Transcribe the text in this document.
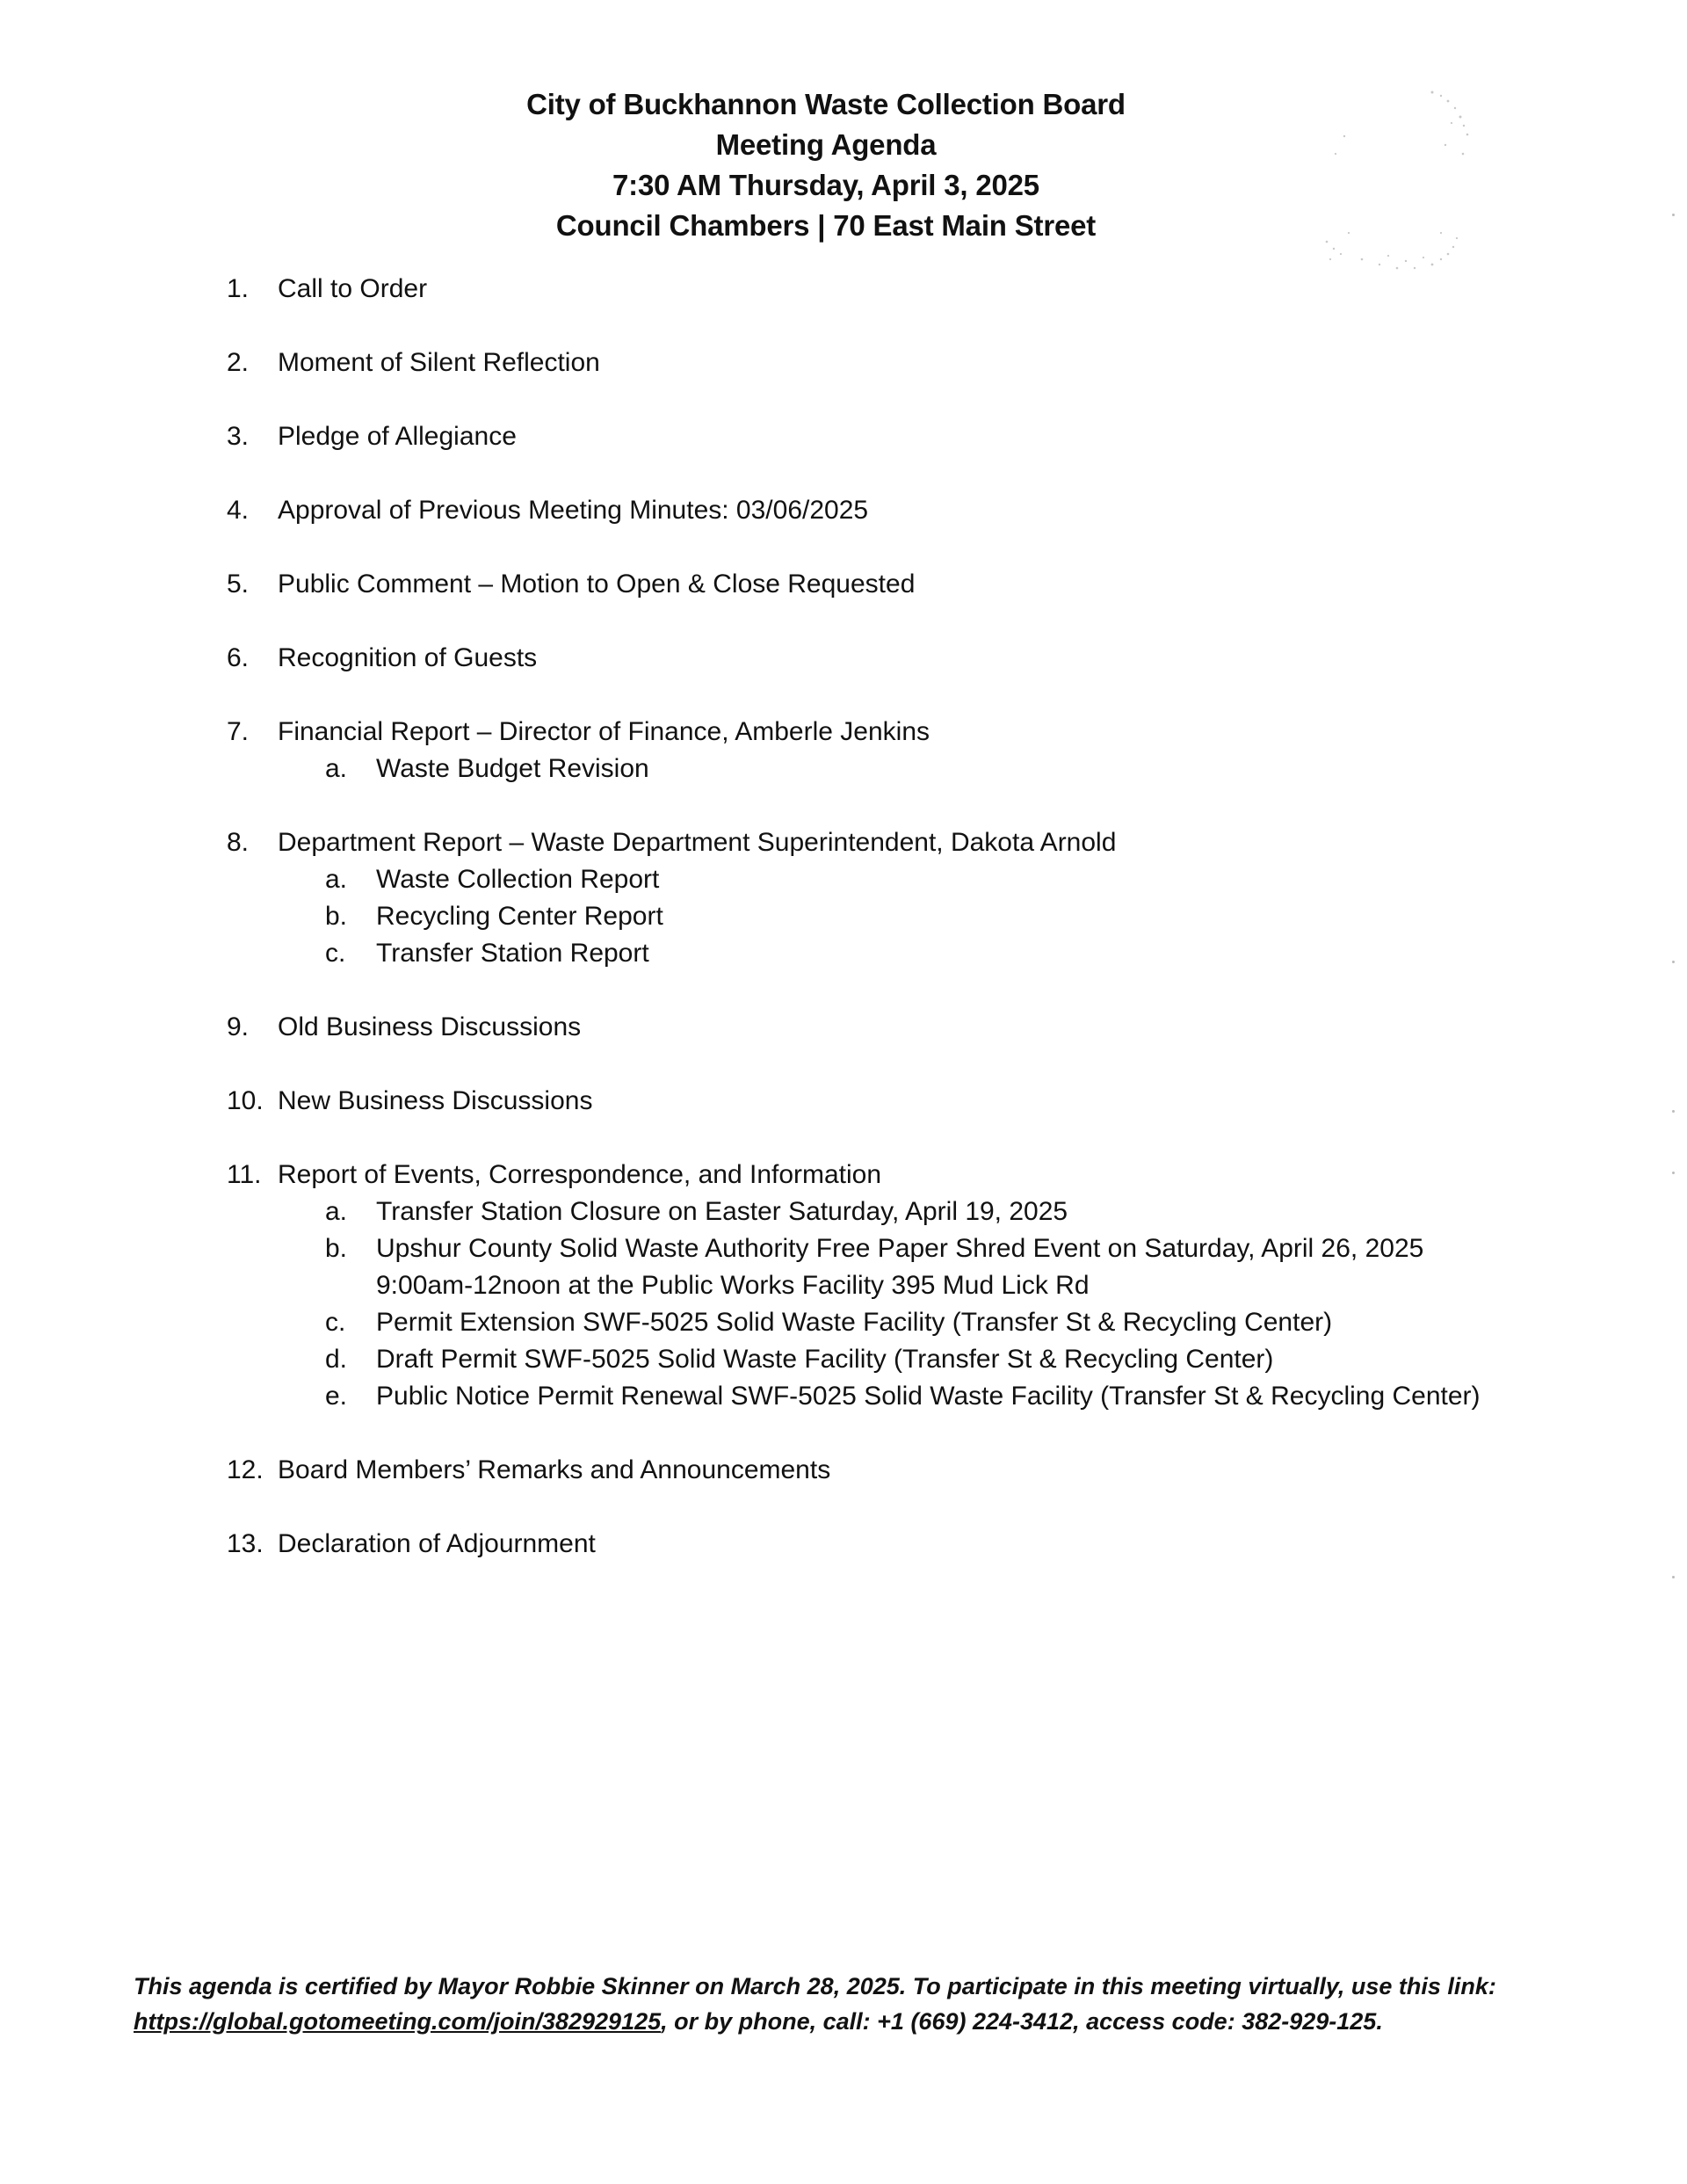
City of Buckhannon Waste Collection Board
Meeting Agenda
7:30 AM Thursday, April 3, 2025
Council Chambers | 70 East Main Street
1.	Call to Order
2.	Moment of Silent Reflection
3.	Pledge of Allegiance
4.	Approval of Previous Meeting Minutes: 03/06/2025
5.	Public Comment – Motion to Open & Close Requested
6.	Recognition of Guests
7.	Financial Report – Director of Finance, Amberle Jenkins
a.	Waste Budget Revision
8.	Department Report – Waste Department Superintendent, Dakota Arnold
a.	Waste Collection Report
b.	Recycling Center Report
c.	Transfer Station Report
9.	Old Business Discussions
10. New Business Discussions
11. Report of Events, Correspondence, and Information
a.	Transfer Station Closure on Easter Saturday, April 19, 2025
b.	Upshur County Solid Waste Authority Free Paper Shred Event on Saturday, April 26, 2025
9:00am-12noon at the Public Works Facility 395 Mud Lick Rd
c.	Permit Extension SWF-5025 Solid Waste Facility (Transfer St & Recycling Center)
d.	Draft Permit SWF-5025 Solid Waste Facility (Transfer St & Recycling Center)
e.	Public Notice Permit Renewal SWF-5025 Solid Waste Facility (Transfer St & Recycling Center)
12. Board Members’ Remarks and Announcements
13. Declaration of Adjournment
This agenda is certified by Mayor Robbie Skinner on March 28, 2025. To participate in this meeting virtually, use this link: https://global.gotomeeting.com/join/382929125, or by phone, call: +1 (669) 224-3412, access code: 382-929-125.
